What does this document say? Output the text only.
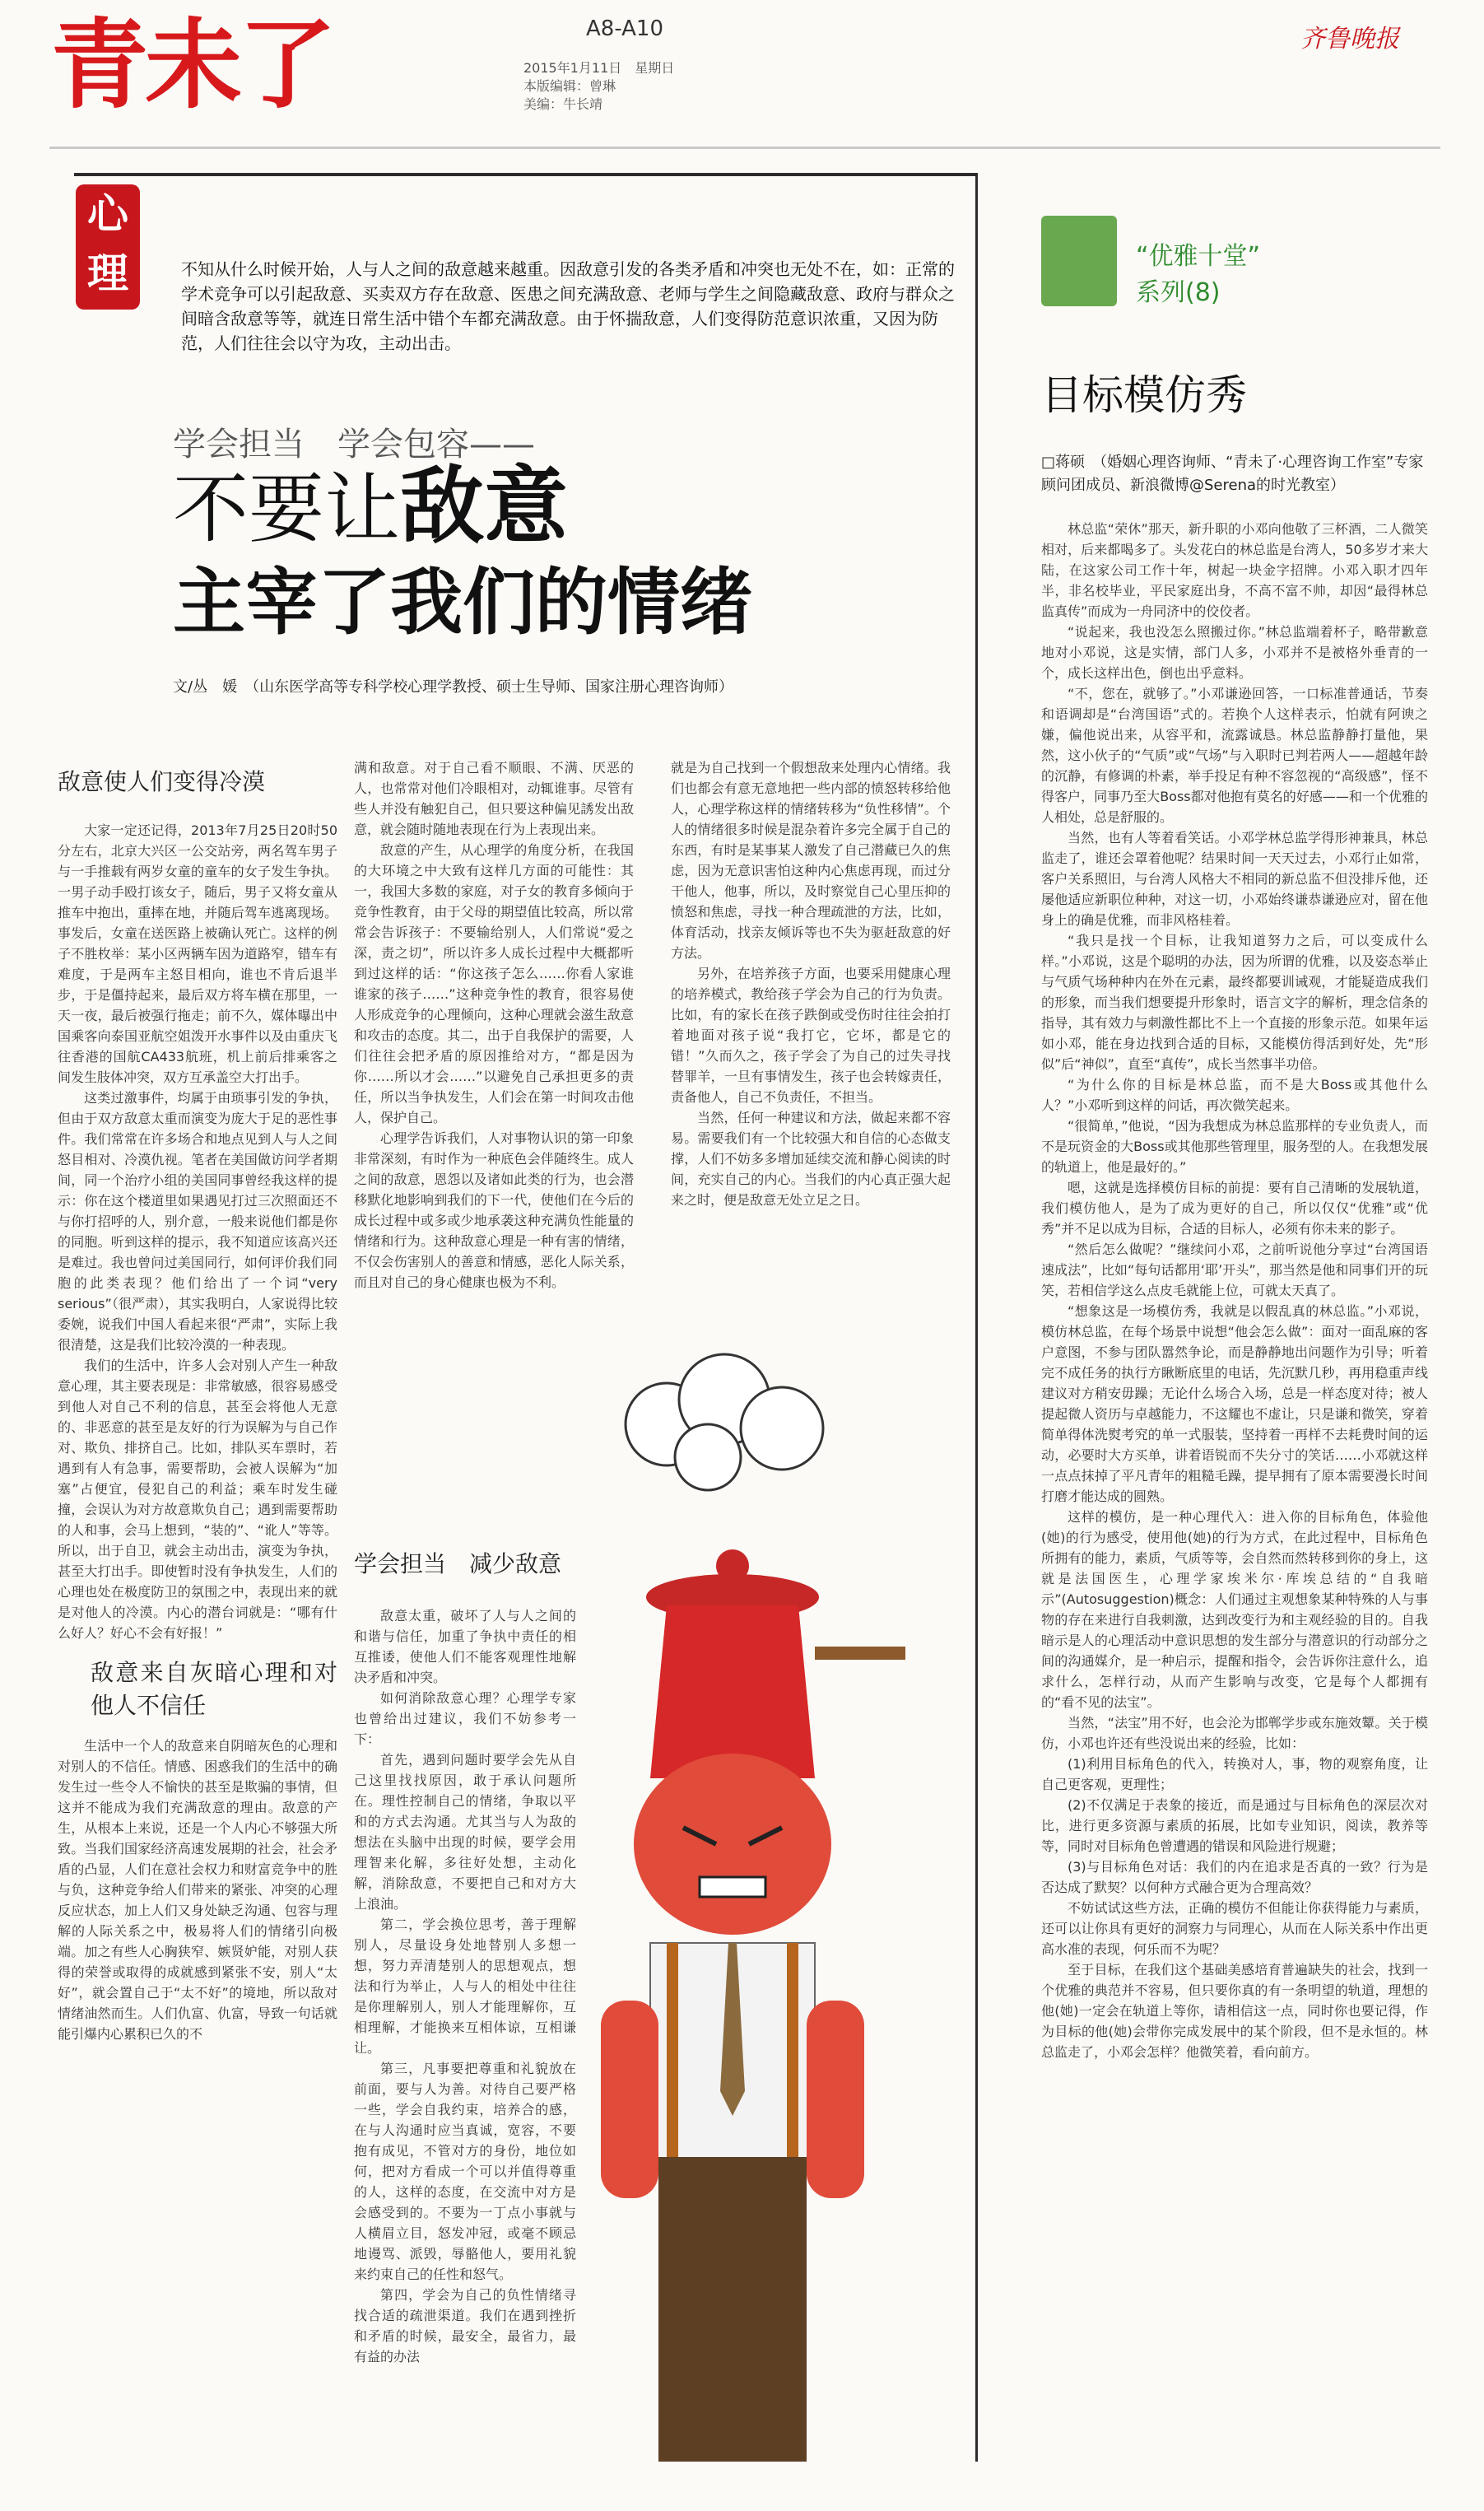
青未了	A8-A10
2015年1月11日　星期日
本版编辑：曾琳
美编：牛长靖
齐鲁晚报
心
理	不知从什么时候开始，人与人之间的敌意越来越重。因敌意引发的各类矛盾和冲突也无处不在，如：正常的学术竞争可以引起敌意、买卖双方存在敌意、医患之间充满敌意、老师与学生之间隐藏敌意、政府与群众之间暗含敌意等等，就连日常生活中错个车都充满敌意。由于怀揣敌意，人们变得防范意识浓重，又因为防范，人们往往会以守为攻，主动出击。
学会担当　学会包容——
不要让敌意
主宰了我们的情绪
文/丛　媛　（山东医学高等专科学校心理学教授、硕士生导师、国家注册心理咨询师）
敌意使人们变得冷漠

大家一定还记得，2013年7月25日20时50分左右，北京大兴区一公交站旁，两名驾车男子与一手推载有两岁女童的童车的女子发生争执。一男子动手殴打该女子，随后，男子又将女童从推车中抱出，重摔在地，并随后驾车逃离现场。事发后，女童在送医路上被确认死亡。这样的例子不胜枚举：某小区两辆车因为道路窄，错车有难度，于是两车主怒目相向，谁也不肯后退半步，于是僵持起来，最后双方将车横在那里，一天一夜，最后被强行拖走；前不久，媒体曝出中国乘客向泰国亚航空姐泼开水事件以及由重庆飞往香港的国航CA433航班，机上前后排乘客之间发生肢体冲突，双方互承盖空大打出手。

这类过激事件，均属于由琐事引发的争执，但由于双方敌意太重而演变为庞大于足的恶性事件。我们常常在许多场合和地点见到人与人之间怒目相对、冷漠仇视。笔者在美国做访问学者期间，同一个治疗小组的美国同事曾经我这样的提示：你在这个楼道里如果遇见打过三次照面还不与你打招呼的人，别介意，一般来说他们都是你的同胞。听到这样的提示，我不知道应该高兴还是难过。我也曾问过美国同行，如何评价我们同胞的此类表现？他们给出了一个词“very serious”（很严肃），其实我明白，人家说得比较委婉，说我们中国人看起来很“严肃”，实际上我很清楚，这是我们比较冷漠的一种表现。

我们的生活中，许多人会对别人产生一种敌意心理，其主要表现是：非常敏感，很容易感受到他人对自己不利的信息，甚至会将他人无意的、非恶意的甚至是友好的行为误解为与自己作对、欺负、排挤自己。比如，排队买车票时，若遇到有人有急事，需要帮助，会被人误解为“加塞”占便宜，侵犯自己的利益；乘车时发生碰撞，会误认为对方故意欺负自己；遇到需要帮助的人和事，会马上想到，“装的”、“讹人”等等。所以，出于自卫，就会主动出击，演变为争执，甚至大打出手。即使暂时没有争执发生，人们的心理也处在极度防卫的氛围之中，表现出来的就是对他人的冷漠。内心的潜台词就是：“哪有什么好人？好心不会有好报！”

敌意来自灰暗心理和对他人不信任

生活中一个人的敌意来自阴暗灰色的心理和对别人的不信任。情感、困惑我们的生活中的确发生过一些令人不愉快的甚至是欺骗的事情，但这并不能成为我们充满敌意的理由。敌意的产生，从根本上来说，还是一个人内心不够强大所致。当我们国家经济高速发展期的社会，社会矛盾的凸显，人们在意社会权力和财富竞争中的胜与负，这种竞争给人们带来的紧张、冲突的心理反应状态，加上人们又身处缺乏沟通、包容与理解的人际关系之中，极易将人们的情绪引向极端。加之有些人心胸狭窄、嫉贤妒能，对别人获得的荣誉或取得的成就感到紧张不安，别人“太好”，就会置自己于“太不好”的境地，所以敌对情绪油然而生。人们仇富、仇富，导致一句话就能引爆内心累积已久的不

满和敌意。对于自己看不顺眼、不满、厌恶的人，也常常对他们冷眼相对，动辄谁事。尽管有些人并没有触犯自己，但只要这种偏见誘发出敌意，就会随时随地表现在行为上表现出来。

敌意的产生，从心理学的角度分析，在我国的大环境之中大致有这样几方面的可能性：其一，我国大多数的家庭，对子女的教育多倾向于竞争性教育，由于父母的期望值比较高，所以常常会告诉孩子：不要输给别人，人们常说“爱之深，责之切”，所以许多人成长过程中大概都听到过这样的话：“你这孩子怎么……你看人家谁谁家的孩子……”这种竞争性的教育，很容易使人形成竞争的心理倾向，这种心理就会滋生敌意和攻击的态度。其二，出于自我保护的需要，人们往往会把矛盾的原因推给对方，“都是因为你……所以才会……”以避免自己承担更多的责任，所以当争执发生，人们会在第一时间攻击他人，保护自己。

心理学告诉我们，人对事物认识的第一印象非常深刻，有时作为一种底色会伴随终生。成人之间的敌意，恩怨以及诸如此类的行为，也会潜移默化地影响到我们的下一代，使他们在今后的成长过程中或多或少地承袭这种充满负性能量的情绪和行为。这种敌意心理是一种有害的情绪，不仅会伤害别人的善意和情感，恶化人际关系，而且对自己的身心健康也极为不利。

学会担当　减少敌意

敌意太重，破坏了人与人之间的和谐与信任，加重了争执中责任的相互推诿，使他人们不能客观理性地解决矛盾和冲突。

如何消除敌意心理？心理学专家也曾给出过建议，我们不妨参考一下：

首先，遇到问题时要学会先从自己这里找找原因，敢于承认问题所在。理性控制自己的情绪，争取以平和的方式去沟通。尤其当与人为敌的想法在头脑中出现的时候，要学会用理智来化解，多往好处想，主动化解，消除敌意，不要把自己和对方大上浪油。

第二，学会换位思考，善于理解别人，尽量设身处地替别人多想一想，努力弄清楚别人的思想观点，想法和行为举止，人与人的相处中往往是你理解别人，别人才能理解你，互相理解，才能换来互相体谅，互相谦让。

第三，凡事要把尊重和礼貌放在前面，要与人为善。对待自己要严格一些，学会自我约束，培养合的感，在与人沟通时应当真诚，宽容，不要抱有成见，不管对方的身份，地位如何，把对方看成一个可以并值得尊重的人，这样的态度，在交流中对方是会感受到的。不要为一丁点小事就与人横眉立目，怒发冲冠，或毫不顾忌地谩骂、派毁，辱骼他人，要用礼貌来约束自己的任性和怒气。

第四，学会为自己的负性情绪寻找合适的疏泄渠道。我们在遇到挫折和矛盾的时候，最安全，最省力，最有益的办法

就是为自己找到一个假想敌来处理内心情绪。我们也都会有意无意地把一些内部的愤怒转移给他人，心理学称这样的情绪转移为“负性移情”。个人的情绪很多时候是混杂着许多完全属于自己的东西，有时是某事某人激发了自己潜藏已久的焦虑，因为无意识害怕这种内心焦虑再现，而过分干他人，他事，所以，及时察觉自己心里压抑的愤怒和焦虑，寻找一种合理疏泄的方法，比如，体育活动，找亲友倾诉等也不失为驱赶敌意的好方法。

另外，在培养孩子方面，也要采用健康心理的培养模式，教给孩子学会为自己的行为负责。比如，有的家长在孩子跌倒或受伤时往往会拍打着地面对孩子说“我打它，它坏，都是它的错！”久而久之，孩子学会了为自己的过失寻找替罪羊，一旦有事情发生，孩子也会转嫁责任，责备他人，自己不负责任，不担当。

当然，任何一种建议和方法，做起来都不容易。需要我们有一个比较强大和自信的心态做支撑，人们不妨多多增加延续交流和静心阅读的时间，充实自己的内心。当我们的内心真正强大起来之时，便是敌意无处立足之日。

“优雅十堂”
系列(8)
目标模仿秀
□蒋硕　（婚姻心理咨询师、“青未了·心理咨询工作室”专家顾问团成员、新浪微博@Serena的时光教室）

林总监“荣休”那天，新升职的小邓向他敬了三杯酒，二人微笑相对，后来都喝多了。头发花白的林总监是台湾人，50多岁才来大陆，在这家公司工作十年，树起一块金字招牌。小邓入职才四年半，非名校毕业，平民家庭出身，不高不富不帅，却因“最得林总监真传”而成为一舟同济中的佼佼者。

“说起来，我也没怎么照搬过你。”林总监端着杯子，略带歉意地对小邓说，这是实情，部门人多，小邓并不是被格外垂青的一个，成长这样出色，倒也出乎意料。

“不，您在，就够了。”小邓谦逊回答，一口标准普通话，节奏和语调却是“台湾国语”式的。若换个人这样表示，怕就有阿谀之嫌，偏他说出来，从容平和，流露诚恳。林总监静静打量他，果然，这小伙子的“气质”或“气场”与入职时已判若两人——超越年龄的沉静，有修调的朴素，举手投足有种不容忽视的“高级感”，怪不得客户，同事乃至大Boss都对他抱有莫名的好感——和一个优雅的人相处，总是舒服的。

当然，也有人等着看笑话。小邓学林总监学得形神兼具，林总监走了，谁还会罩着他呢？结果时间一天天过去，小邓行止如常，客户关系照旧，与台湾人风格大不相同的新总监不但没排斥他，还屡他适应新职位种种，对这一切，小邓始终谦恭谦逊应对，留在他身上的确是优雅，而非风格桂着。

“我只是找一个目标，让我知道努力之后，可以变成什么样。”小邓说，这是个聪明的办法，因为所谓的优雅，以及姿态举止与气质气场种种内在外在元素，最终都要训诫观，才能疑造成我们的形象，而当我们想要提升形象时，语言文字的解析，理念信条的指导，其有效力与刺激性都比不上一个直接的形象示范。如果年运如小邓，能在身边找到合适的目标，又能模仿得活到好处，先“形似”后“神似”，直至“真传”，成长当然事半功倍。

“为什么你的目标是林总监，而不是大Boss或其他什么人？”小邓听到这样的问话，再次微笑起来。

“很简单，”他说，“因为我想成为林总监那样的专业负责人，而不是玩资金的大Boss或其他那些管理里，服务型的人。在我想发展的轨道上，他是最好的。”

嗯，这就是选择模仿目标的前提：要有自己清晰的发展轨道，我们模仿他人，是为了成为更好的自己，所以仅仅“优雅”或“优秀”并不足以成为目标，合适的目标人，必须有你未来的影子。

“然后怎么做呢？”继续问小邓，之前听说他分享过“台湾国语速成法”，比如“每句话都用‘耶’开头”，那当然是他和同事们开的玩笑，若相信学这么点皮毛就能上位，可就太天真了。

“想象这是一场模仿秀，我就是以假乱真的林总监。”小邓说，模仿林总监，在每个场景中说想“他会怎么做”：面对一面乱麻的客户意图，不参与团队嚣然争论，而是静静地出问题作为引导；听着完不成任务的执行方瞅断底里的电话，先沉默几秒，再用稳重声线建议对方稍安毋躁；无论什么场合入场，总是一样态度对待；被人提起微人资历与卓越能力，不这耀也不虚让，只是谦和微笑，穿着简单得体洗熨考究的单一式服装，坚持着一再样不去耗费时间的运动，必要时大方买单，讲着语锐而不失分寸的笑话……小邓就这样一点点抹掉了平凡青年的粗糙毛躁，提早拥有了原本需要漫长时间打磨才能达成的圆熟。

这样的模仿，是一种心理代入：进入你的目标角色，体验他(她)的行为感受，使用他(她)的行为方式，在此过程中，目标角色所拥有的能力，素质，气质等等，会自然而然转移到你的身上，这就是法国医生，心理学家埃米尔·库埃总结的“自我暗示”(Autosuggestion)概念：人们通过主观想象某种特殊的人与事物的存在来进行自我刺激，达到改变行为和主观经验的目的。自我暗示是人的心理活动中意识思想的发生部分与潜意识的行动部分之间的沟通媒介，是一种启示，提醒和指令，会告诉你注意什么，追求什么，怎样行动，从而产生影响与改变，它是每个人都拥有的“看不见的法宝”。

当然，“法宝”用不好，也会沦为邯郸学步或东施效颦。关于模仿，小邓也许还有些没说出来的经验，比如：

(1)利用目标角色的代入，转换对人，事，物的观察角度，让自己更客观，更理性；

(2)不仅满足于表象的接近，而是通过与目标角色的深层次对比，进行更多资源与素质的拓展，比如专业知识，阅读，教养等等，同时对目标角色曾遭遇的错误和风险进行规避；

(3)与目标角色对话：我们的内在追求是否真的一致？行为是否达成了默契？以何种方式融合更为合理高效？

不妨试试这些方法，正确的模仿不但能让你获得能力与素质，还可以让你具有更好的洞察力与同理心，从而在人际关系中作出更高水准的表现，何乐而不为呢？

至于目标，在我们这个基础美感培育普遍缺失的社会，找到一个优雅的典范并不容易，但只要你真的有一条明望的轨道，理想的他(她)一定会在轨道上等你，请相信这一点，同时你也要记得，作为目标的他(她)会带你完成发展中的某个阶段，但不是永恒的。林总监走了，小邓会怎样？他微笑着，看向前方。
